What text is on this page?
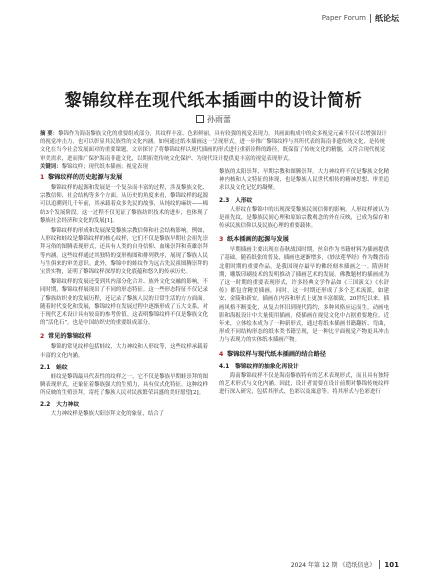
Paper Forum 纸论坛
黎锦纹样在现代纸本插画中的设计简析
孙雨蕾
摘 要：黎锦作为海南黎族文化的重要组成部分，其纹样丰富、色彩鲜丽，具有较强的视觉表现力。其画面构成中的众多视觉元素不仅可以增强设计的视觉冲击力，也可以彰显其民族性的文化内涵。如何通过纸本插画这一呈现形式，进一步推广黎锦纹样与其所代表的海南非遗传统文化，是传统文化在当今社会发展面对的重要课题。文章探讨了将黎锦纹样以现代插画的形式进行重新诠释的路径，既保留了传统文化的精髓，又符合现代视觉审美需求，进而推广保护海南非遗文化，以期拓宽传统文化保护、为现代设计提供更丰富的视觉表现形式。
关键词：黎锦纹样；现代纸本插画；视觉表现
1 黎锦纹样的历史起源与发展

黎锦纹样的起源和发展是一个复杂而丰富的过程，涉及黎族文化、宗教信仰、社会结构等多个方面。从历史的角度来看，黎锦纹样的起源可以追溯到几千年前，其承载着众多先民的故事，从纯纹的麻纺——棉纺3个发展阶段。这一过程不仅见证了黎族纺织技术的进步，也体现了黎族社会经济和文化的发展[1]。

黎锦纹样的形成和发展深受黎族宗教信仰和社会结构影响。例如，人形纹和蛙纹是黎锦纹样的核心纹样，它们不仅是黎族早期社会祖先崇拜习俗的图腾表现形式，还具有人类的自身信仰、血缘崇拜和英雄崇拜等内涵。这些纹样通过其独特的变形构图和排列秩序，展现了黎族人民与生俱来的审美意识。此外，黎锦中的蛙纹作为远古先民祖图腾崇拜的宝贵实物，证明了黎锦纹样深厚的文化底蕴和悠久的传承历史。

黎锦纹样的发展还受到其内部分化合并、族外文化交融的影响。不同时期，黎锦纹样展现出了不同的形态特征。这一些形态特征不仅记录了黎族纺织业的发展历程，还记录了黎族人民的日常生活的方方面面。随着时代变化和发展，黎锦纹样在发展过程中逐渐形成了五大支系，对于现代艺术设计具有较高的参考价值。这表明黎锦纹样不仅是黎族文化的“活化石”，也是中国纺织史的重要组成部分。

2 常见的黎锦纹样

黎锦的常见纹样包括蛙纹、大力神纹和人形纹等，这些纹样承载着丰富的文化内涵。

2.1　蛙纹

蛙纹是黎锦最具代表性的纹样之一，它不仅是黎族早期蛙崇拜的图腾表现形式，还象征着黎族强大的生殖力，具有仪式化特征。这种纹样所反映的生殖崇拜，寄托了黎族人民对民族繁荣昌盛的美好愿望[2]。

2.2　大力神纹

大力神纹样是黎族大阳崇拜文化的象征，结合了

黎族的太阳崇拜、早期宗教和图腾崇拜。大力神纹样不仅是黎族文化精神内核和人文特征的体现，也是黎族人民世代相传的精神思想、审美追求以及文化记忆的凝聚。

2.3　人形纹

人形纹在黎锦中的出现深受黎族民间信仰的影响。人形纹样被认为是祖先纹，是黎族民间心理和原始宗教观念的外在反映，已成为保存和传承民族信仰以及民族心理的重要载体。

3 纸本插画的起源与发展

早期插画主要出现在春秋战国时期，丝帛作为书籍材料为插画提供了基础。随着纸张的普及，插画也逐渐增多，《妙法莲华经》作为魏晋南北朝时期的重要作品，是我国现存最早的佛经刻本插画之一。隋唐时期，雕版印刷技术的发明推动了插画艺术的发展。佛教题材的插画成为了这一时期的重要表现形式，许多经典文学作品如《三国演义》《水浒传》都包含精美插画。同时，这一时期还形成了多个艺术流派，如建安、金陵和新安，插画在内容和形式上更加丰富细致。20世纪以来，插画风格不断变化，从复古怀旧到现代简约，多种风格应运而生，动画电影和海报设计中大量使用插画，使插画在视觉文化中占据重要地位。近年来，立体绘本成为了一种新形式，通过将纸本插画书籍翻折、弯曲，形成不同结构形态的纸本类书籍呈现，是一种比平面视觉产物更具冲击力与表现力的实体纸本插画产物。

4 黎锦纹样与现代纸本插画的结合路径
4.1　黎锦纹样的抽象化再设计

海南黎锦纹样不仅是海南黎族特有的艺术表现形式，而且具有独特的艺术形式与文化内涵。因此，设计者需要在设计前期对黎锦传统纹样进行深入研究，包括其形式、色彩以及寓意等。将其形式与色彩进行

2024 年第 12 期 《造纸信息》 101
